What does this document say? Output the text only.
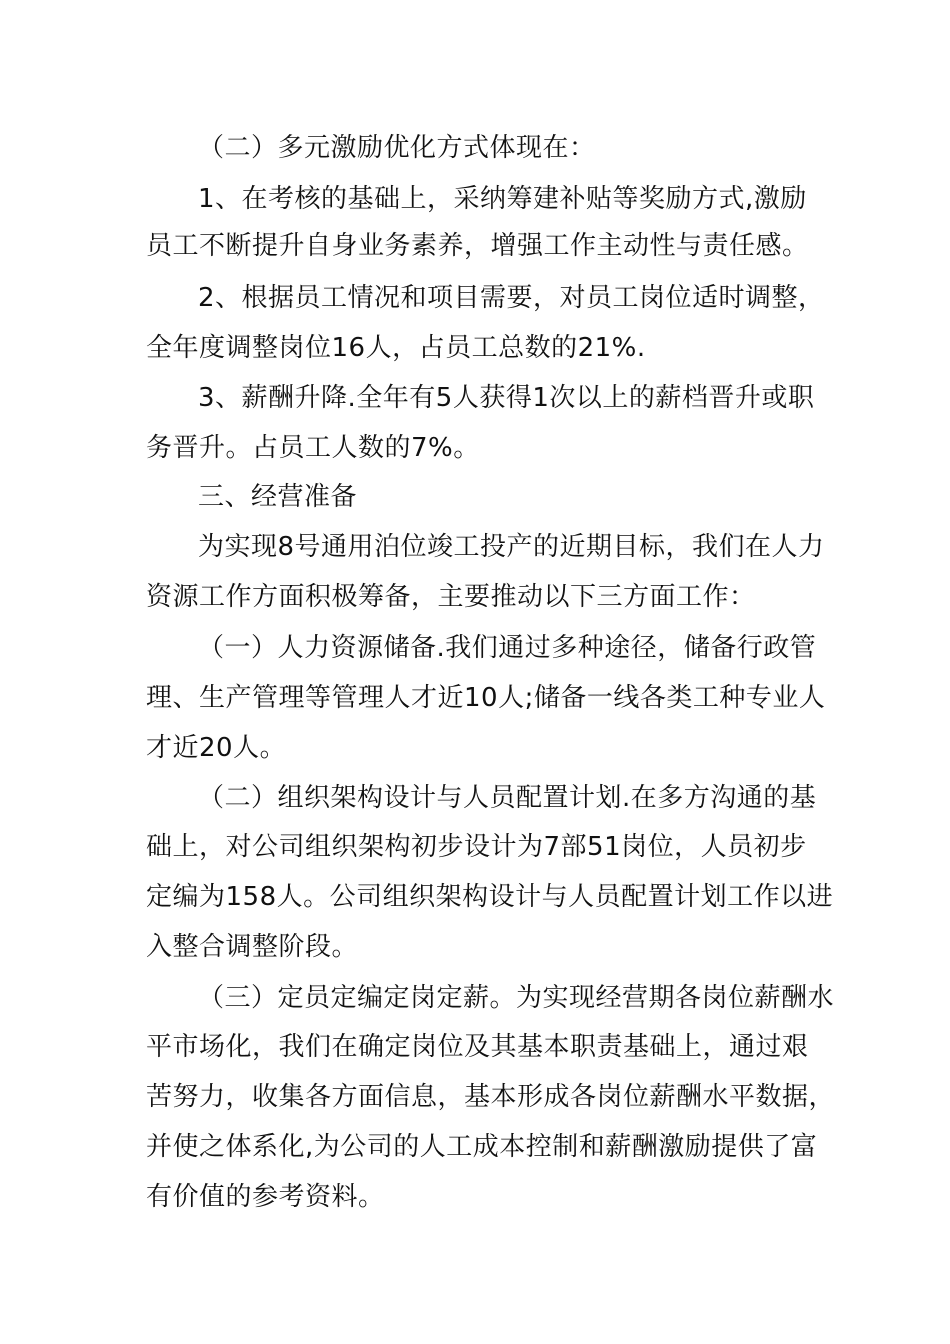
（二）多元激励优化方式体现在：
1、在考核的基础上，采纳筹建补贴等奖励方式,激励
员工不断提升自身业务素养，增强工作主动性与责任感。
2、根据员工情况和项目需要，对员工岗位适时调整，
全年度调整岗位16人，占员工总数的21%.
3、薪酬升降.全年有5人获得1次以上的薪档晋升或职
务晋升。占员工人数的7%。
三、经营准备
为实现8号通用泊位竣工投产的近期目标，我们在人力
资源工作方面积极筹备，主要推动以下三方面工作：
（一）人力资源储备.我们通过多种途径，储备行政管
理、生产管理等管理人才近10人;储备一线各类工种专业人
才近20人。
（二）组织架构设计与人员配置计划.在多方沟通的基
础上，对公司组织架构初步设计为7部51岗位，人员初步
定编为158人。公司组织架构设计与人员配置计划工作以进
入整合调整阶段。
（三）定员定编定岗定薪。为实现经营期各岗位薪酬水
平市场化，我们在确定岗位及其基本职责基础上，通过艰
苦努力，收集各方面信息，基本形成各岗位薪酬水平数据，
并使之体系化,为公司的人工成本控制和薪酬激励提供了富
有价值的参考资料。
